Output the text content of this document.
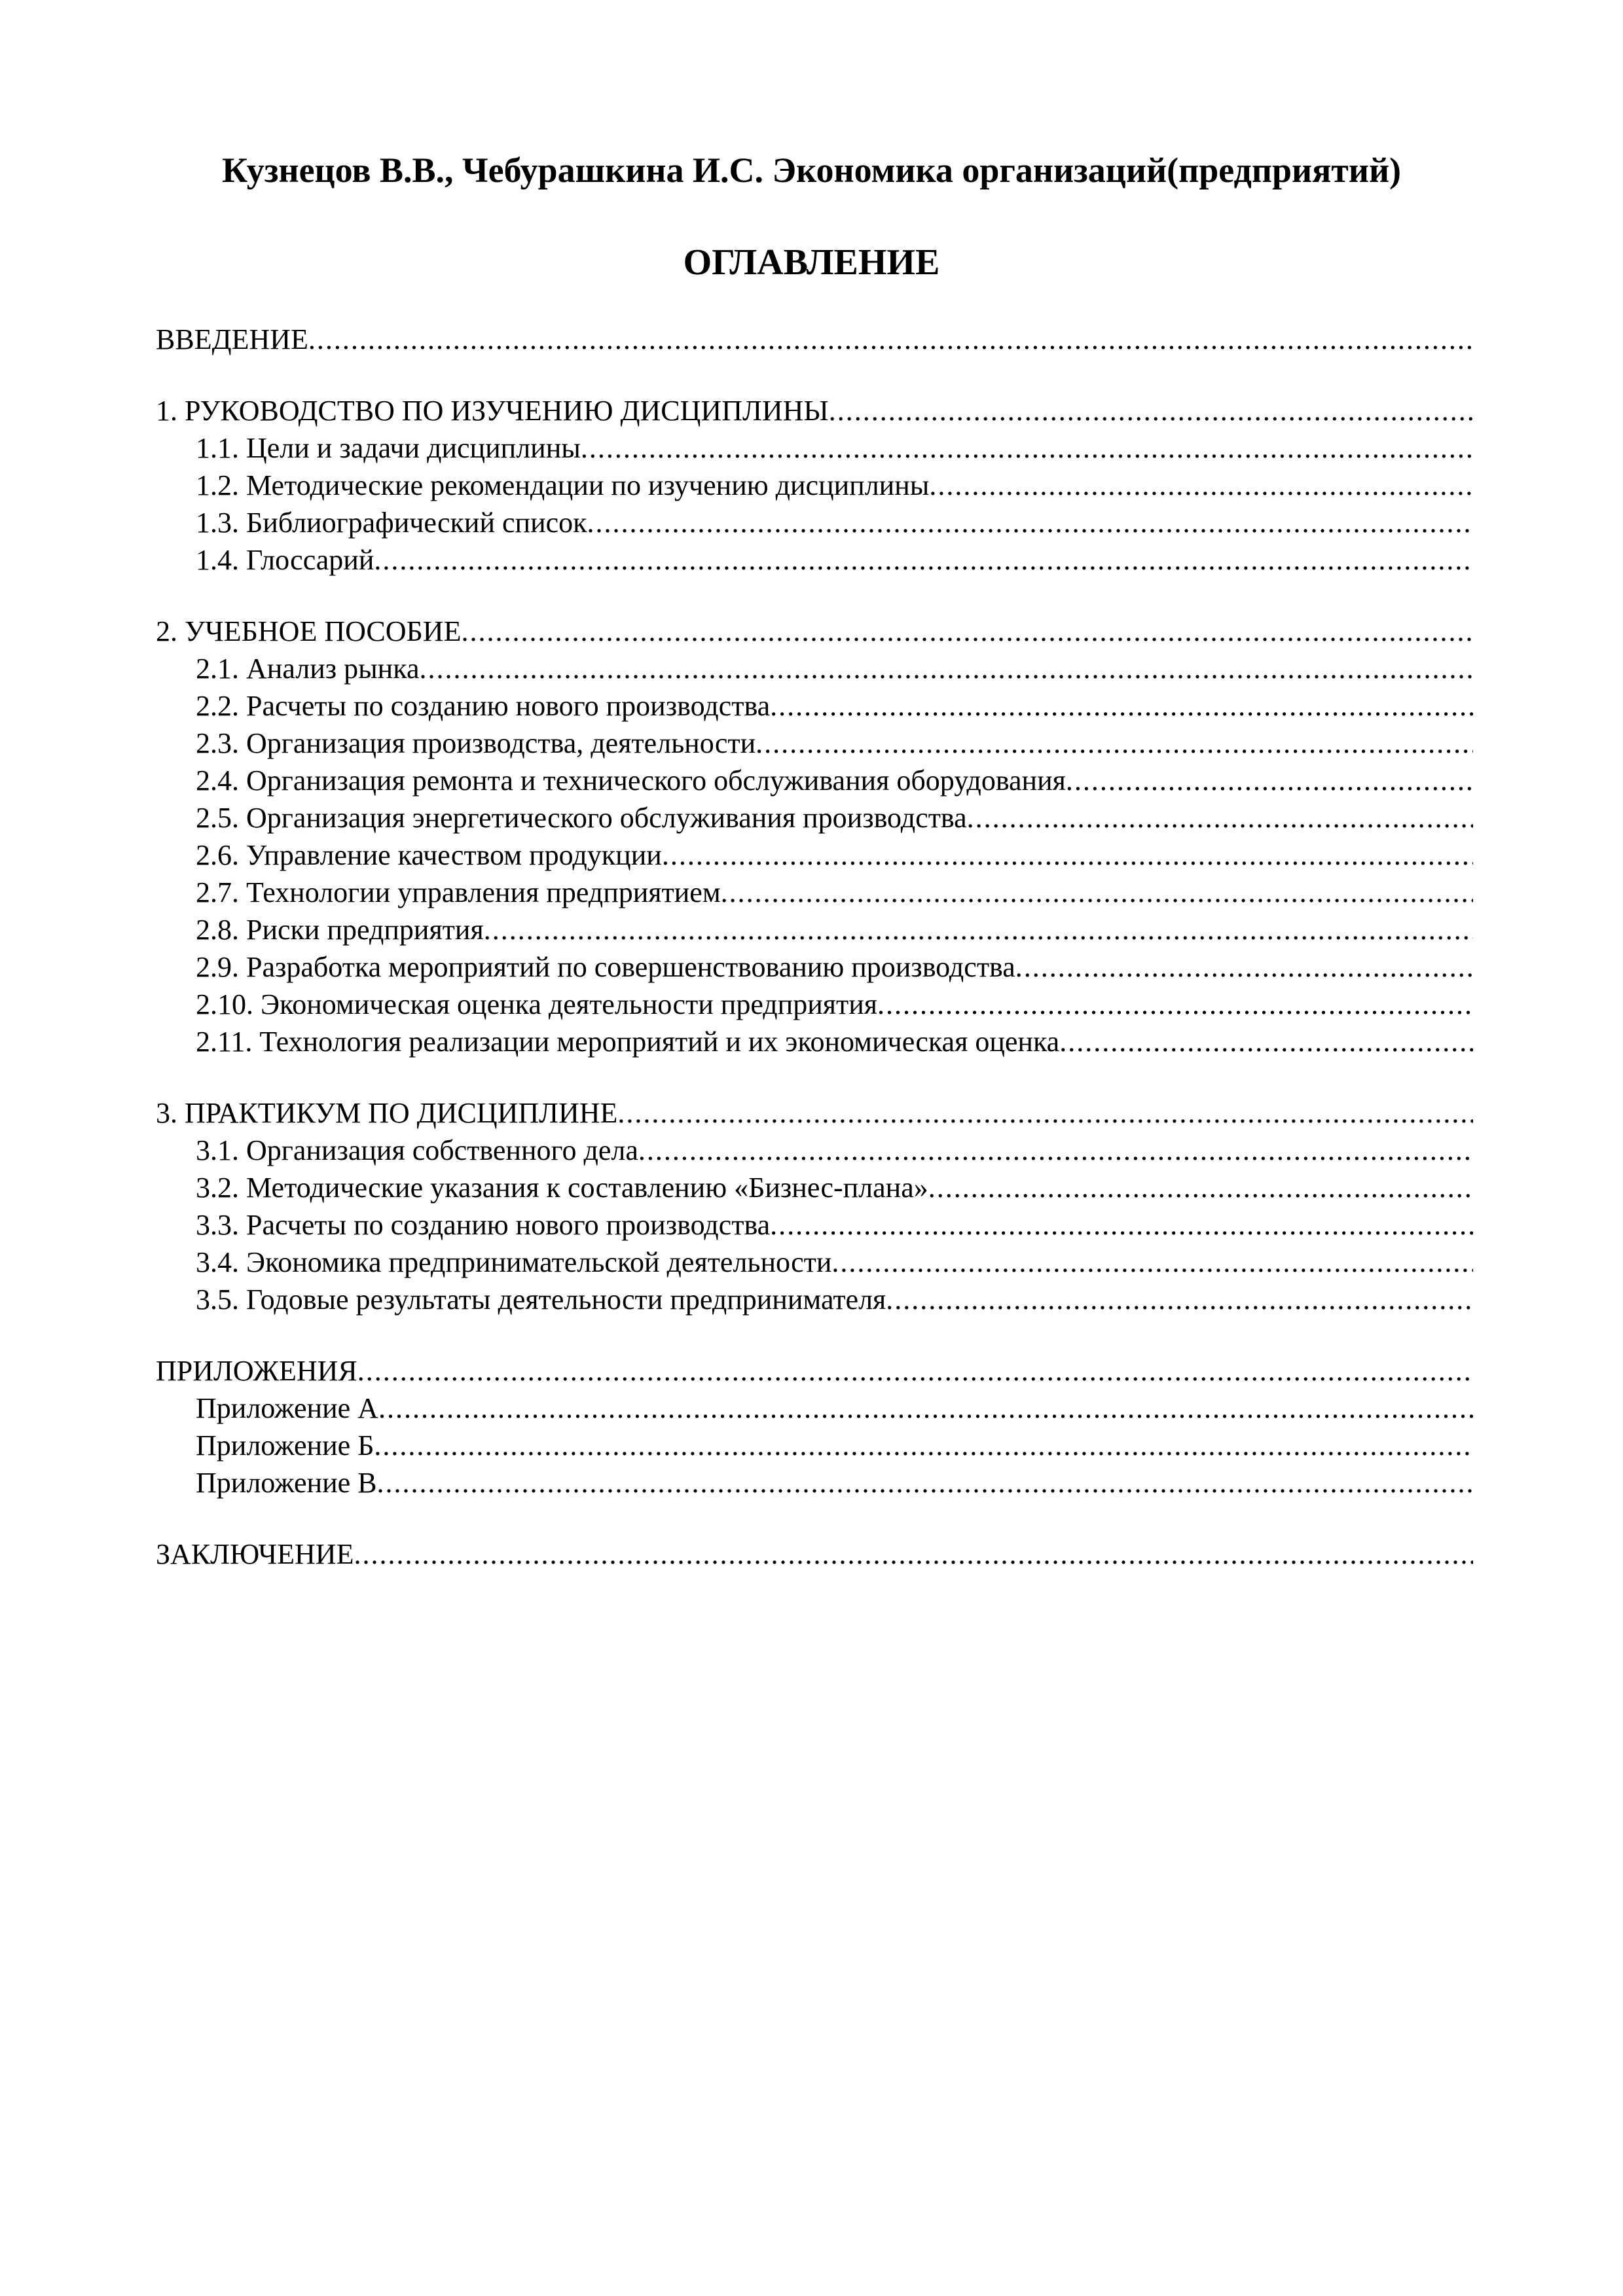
Кузнецов В.В., Чебурашкина И.С. Экономика организаций(предприятий)
ОГЛАВЛЕНИЕ
ВВЕДЕНИЕ
.....
1. РУКОВОДСТВО ПО ИЗУЧЕНИЮ ДИСЦИПЛИНЫ
.....
1.1. Цели и задачи дисциплины
.....
1.2. Методические рекомендации по изучению дисциплины
.....
1.3. Библиографический список
.....
1.4. Глоссарий
.....
2. УЧЕБНОЕ ПОСОБИЕ
.....
2.1. Анализ рынка
.....
2.2. Расчеты по созданию нового производства
.....
2.3. Организация производства, деятельности
.....
2.4. Организация ремонта и технического обслуживания оборудования
.....
2.5. Организация энергетического обслуживания производства
.....
2.6. Управление качеством продукции
.....
2.7. Технологии управления предприятием
.....
2.8. Риски предприятия
.....
2.9. Разработка мероприятий по совершенствованию производства
.....
2.10. Экономическая оценка деятельности предприятия
.....
2.11. Технология реализации мероприятий и их экономическая оценка
.....
3. ПРАКТИКУМ ПО ДИСЦИПЛИНЕ
.....
3.1. Организация собственного дела
.....
3.2. Методические указания к составлению «Бизнес-плана»
.....
3.3. Расчеты по созданию нового производства
.....
3.4. Экономика предпринимательской деятельности
.....
3.5. Годовые результаты деятельности предпринимателя
.....
ПРИЛОЖЕНИЯ
.....
Приложение А
.....
Приложение Б
.....
Приложение В
.....
ЗАКЛЮЧЕНИЕ
.....
